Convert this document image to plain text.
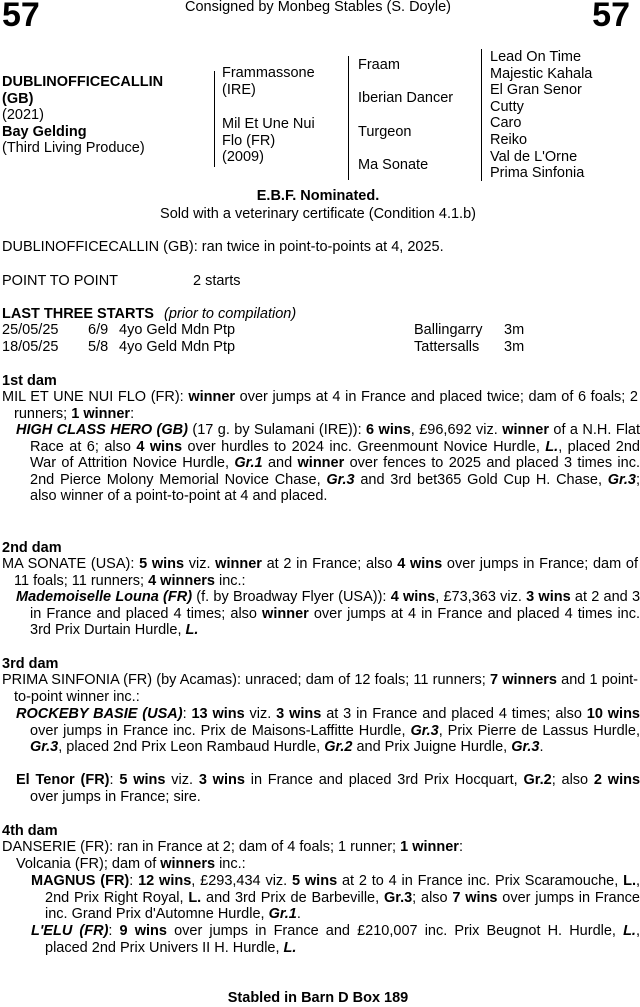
57	Consigned by Monbeg Stables (S. Doyle)	57
DUBLINOFFICECALLIN
(GB)
(2021)
Bay Gelding
(Third Living Produce)
Frammassone
(IRE)
Mil Et Une Nui
Flo (FR)
(2009)
Fraam
Iberian Dancer
Turgeon
Ma Sonate
Lead On Time
Majestic Kahala
El Gran Senor
Cutty
Caro
Reiko
Val de L'Orne
Prima Sinfonia
E.B.F. Nominated.
Sold with a veterinary certificate (Condition 4.1.b)
DUBLINOFFICECALLIN (GB): ran twice in point-to-points at 4, 2025.
POINT TO POINT	2 starts
LAST THREE STARTS (prior to compilation)
25/05/25 6/9 4yo Geld Mdn Ptp	Ballingarry 3m
18/05/25 5/8 4yo Geld Mdn Ptp	Tattersalls 3m
1st dam

MIL ET UNE NUI FLO (FR): winner over jumps at 4 in France and placed twice; dam of 6 foals; 2 runners; 1 winner:

HIGH CLASS HERO (GB) (17 g. by Sulamani (IRE)): 6 wins, £96,692 viz. winner of a N.H. Flat Race at 6; also 4 wins over hurdles to 2024 inc. Greenmount Novice Hurdle, L., placed 2nd War of Attrition Novice Hurdle, Gr.1 and winner over fences to 2025 and placed 3 times inc. 2nd Pierce Molony Memorial Novice Chase, Gr.3 and 3rd bet365 Gold Cup H. Chase, Gr.3; also winner of a point-to-point at 4 and placed.

2nd dam

MA SONATE (USA): 5 wins viz. winner at 2 in France; also 4 wins over jumps in France; dam of 11 foals; 11 runners; 4 winners inc.:

Mademoiselle Louna (FR) (f. by Broadway Flyer (USA)): 4 wins, £73,363 viz. 3 wins at 2 and 3 in France and placed 4 times; also winner over jumps at 4 in France and placed 4 times inc. 3rd Prix Durtain Hurdle, L.

3rd dam

PRIMA SINFONIA (FR) (by Acamas): unraced; dam of 12 foals; 11 runners; 7 winners and 1 point-to-point winner inc.:

ROCKEBY BASIE (USA): 13 wins viz. 3 wins at 3 in France and placed 4 times; also 10 wins over jumps in France inc. Prix de Maisons-Laffitte Hurdle, Gr.3, Prix Pierre de Lassus Hurdle, Gr.3, placed 2nd Prix Leon Rambaud Hurdle, Gr.2 and Prix Juigne Hurdle, Gr.3.

El Tenor (FR): 5 wins viz. 3 wins in France and placed 3rd Prix Hocquart, Gr.2; also 2 wins over jumps in France; sire.

4th dam

DANSERIE (FR): ran in France at 2; dam of 4 foals; 1 runner; 1 winner:

Volcania (FR); dam of winners inc.:

MAGNUS (FR): 12 wins, £293,434 viz. 5 wins at 2 to 4 in France inc. Prix Scaramouche, L., 2nd Prix Right Royal, L. and 3rd Prix de Barbeville, Gr.3; also 7 wins over jumps in France inc. Grand Prix d'Automne Hurdle, Gr.1.

L'ELU (FR): 9 wins over jumps in France and £210,007 inc. Prix Beugnot H. Hurdle, L., placed 2nd Prix Univers II H. Hurdle, L.

Stabled in Barn D Box 189
